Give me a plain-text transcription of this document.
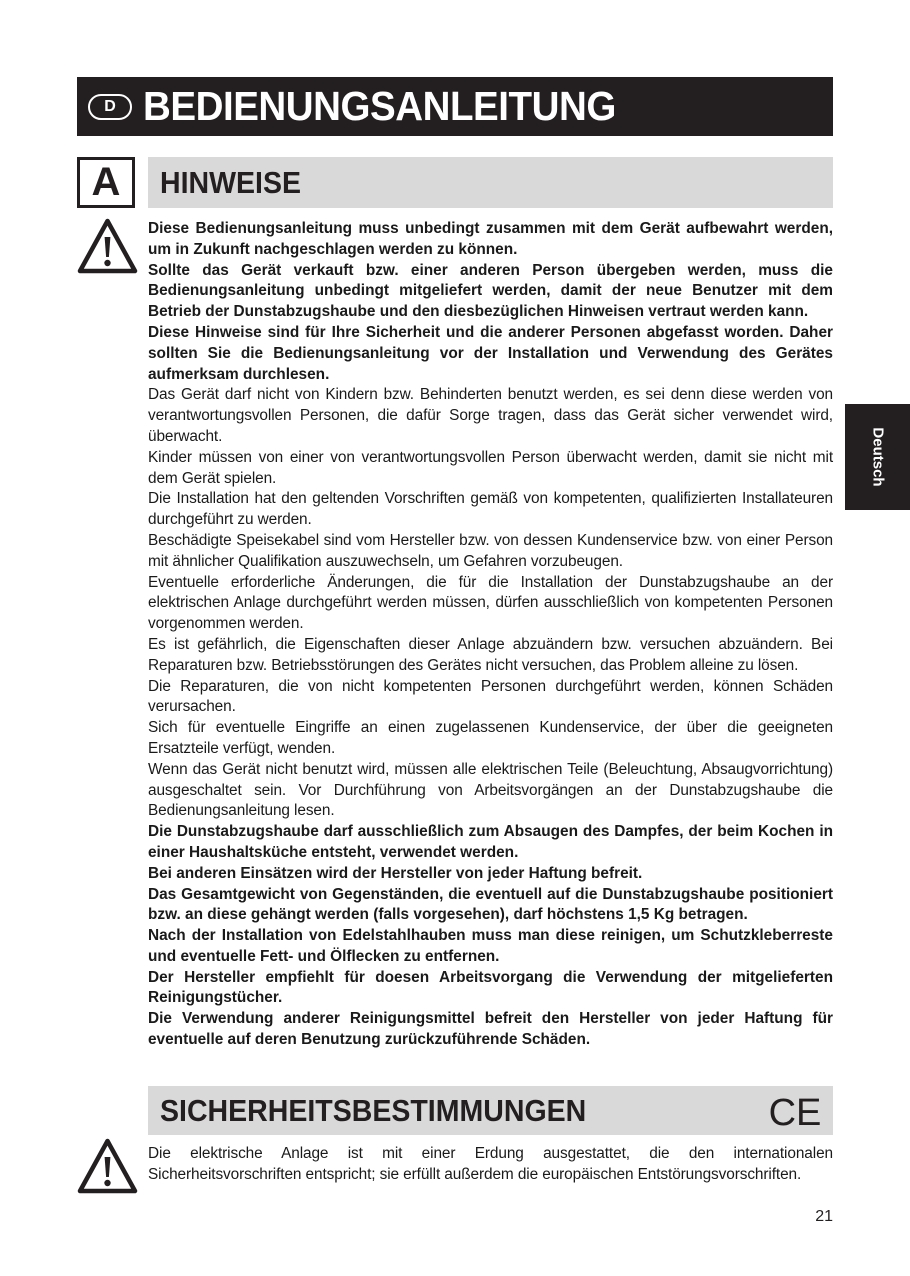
D BEDIENUNGSANLEITUNG
A	HINWEISE

Diese Bedienungsanleitung muss unbedingt zusammen mit dem Gerät aufbewahrt werden, um in Zukunft nachgeschlagen werden zu können.

Sollte das Gerät verkauft bzw. einer anderen Person übergeben werden, muss die Bedienungsanleitung unbedingt mitgeliefert werden, damit der neue Benutzer mit dem Betrieb der Dunstabzugshaube und den diesbezüglichen Hinweisen vertraut werden kann.

Diese Hinweise sind für Ihre Sicherheit und die anderer Personen abgefasst worden. Daher sollten Sie die Bedienungsanleitung vor der Installation und Verwendung des Gerätes aufmerksam durchlesen.

Das Gerät darf nicht von Kindern bzw. Behinderten benutzt werden, es sei denn diese werden von verantwortungsvollen Personen, die dafür Sorge tragen, dass das Gerät sicher verwendet wird, überwacht.

Kinder müssen von einer von verantwortungsvollen Person überwacht werden, damit sie nicht mit dem Gerät spielen.

Die Installation hat den geltenden Vorschriften gemäß von kompetenten, qualifizierten Installateuren durchgeführt zu werden.

Beschädigte Speisekabel sind vom Hersteller bzw. von dessen Kundenservice bzw. von einer Person mit ähnlicher Qualifikation auszuwechseln, um Gefahren vorzubeugen.

Eventuelle erforderliche Änderungen, die für die Installation der Dunstabzugshaube an der elektrischen Anlage durchgeführt werden müssen, dürfen ausschließlich von kompetenten Personen vorgenommen werden.

Es ist gefährlich, die Eigenschaften dieser Anlage abzuändern bzw. versuchen abzuändern. Bei Reparaturen bzw. Betriebsstörungen des Gerätes nicht versuchen, das Problem alleine zu lösen.

Die Reparaturen, die von nicht kompetenten Personen durchgeführt werden, können Schäden verursachen.

Sich für eventuelle Eingriffe an einen zugelassenen Kundenservice, der über die geeigneten Ersatzteile verfügt, wenden.

Wenn das Gerät nicht benutzt wird, müssen alle elektrischen Teile (Beleuchtung, Absaugvorrichtung) ausgeschaltet sein. Vor Durchführung von Arbeitsvorgängen an der Dunstabzugshaube die Bedienungsanleitung lesen.

Die Dunstabzugshaube darf ausschließlich zum Absaugen des Dampfes, der beim Kochen in einer Haushaltsküche entsteht, verwendet werden.

Bei anderen Einsätzen wird der Hersteller von jeder Haftung befreit.

Das Gesamtgewicht von Gegenständen, die eventuell auf die Dunstabzugshaube positioniert bzw. an diese gehängt werden (falls vorgesehen), darf höchstens 1,5 Kg betragen.

Nach der Installation von Edelstahlhauben muss man diese reinigen, um Schutzkleberreste und eventuelle Fett- und Ölflecken zu entfernen.

Der Hersteller empfiehlt für doesen Arbeitsvorgang die Verwendung der mitgelieferten Reinigungstücher.

Die Verwendung anderer Reinigungsmittel befreit den Hersteller von jeder Haftung für eventuelle auf deren Benutzung zurückzuführende Schäden.

Deutsch
SICHERHEITSBESTIMMUNGEN	CE

Die elektrische Anlage ist mit einer Erdung ausgestattet, die den internationalen Sicherheitsvorschriften entspricht; sie erfüllt außerdem die europäischen Entstörungsvorschriften.

21
